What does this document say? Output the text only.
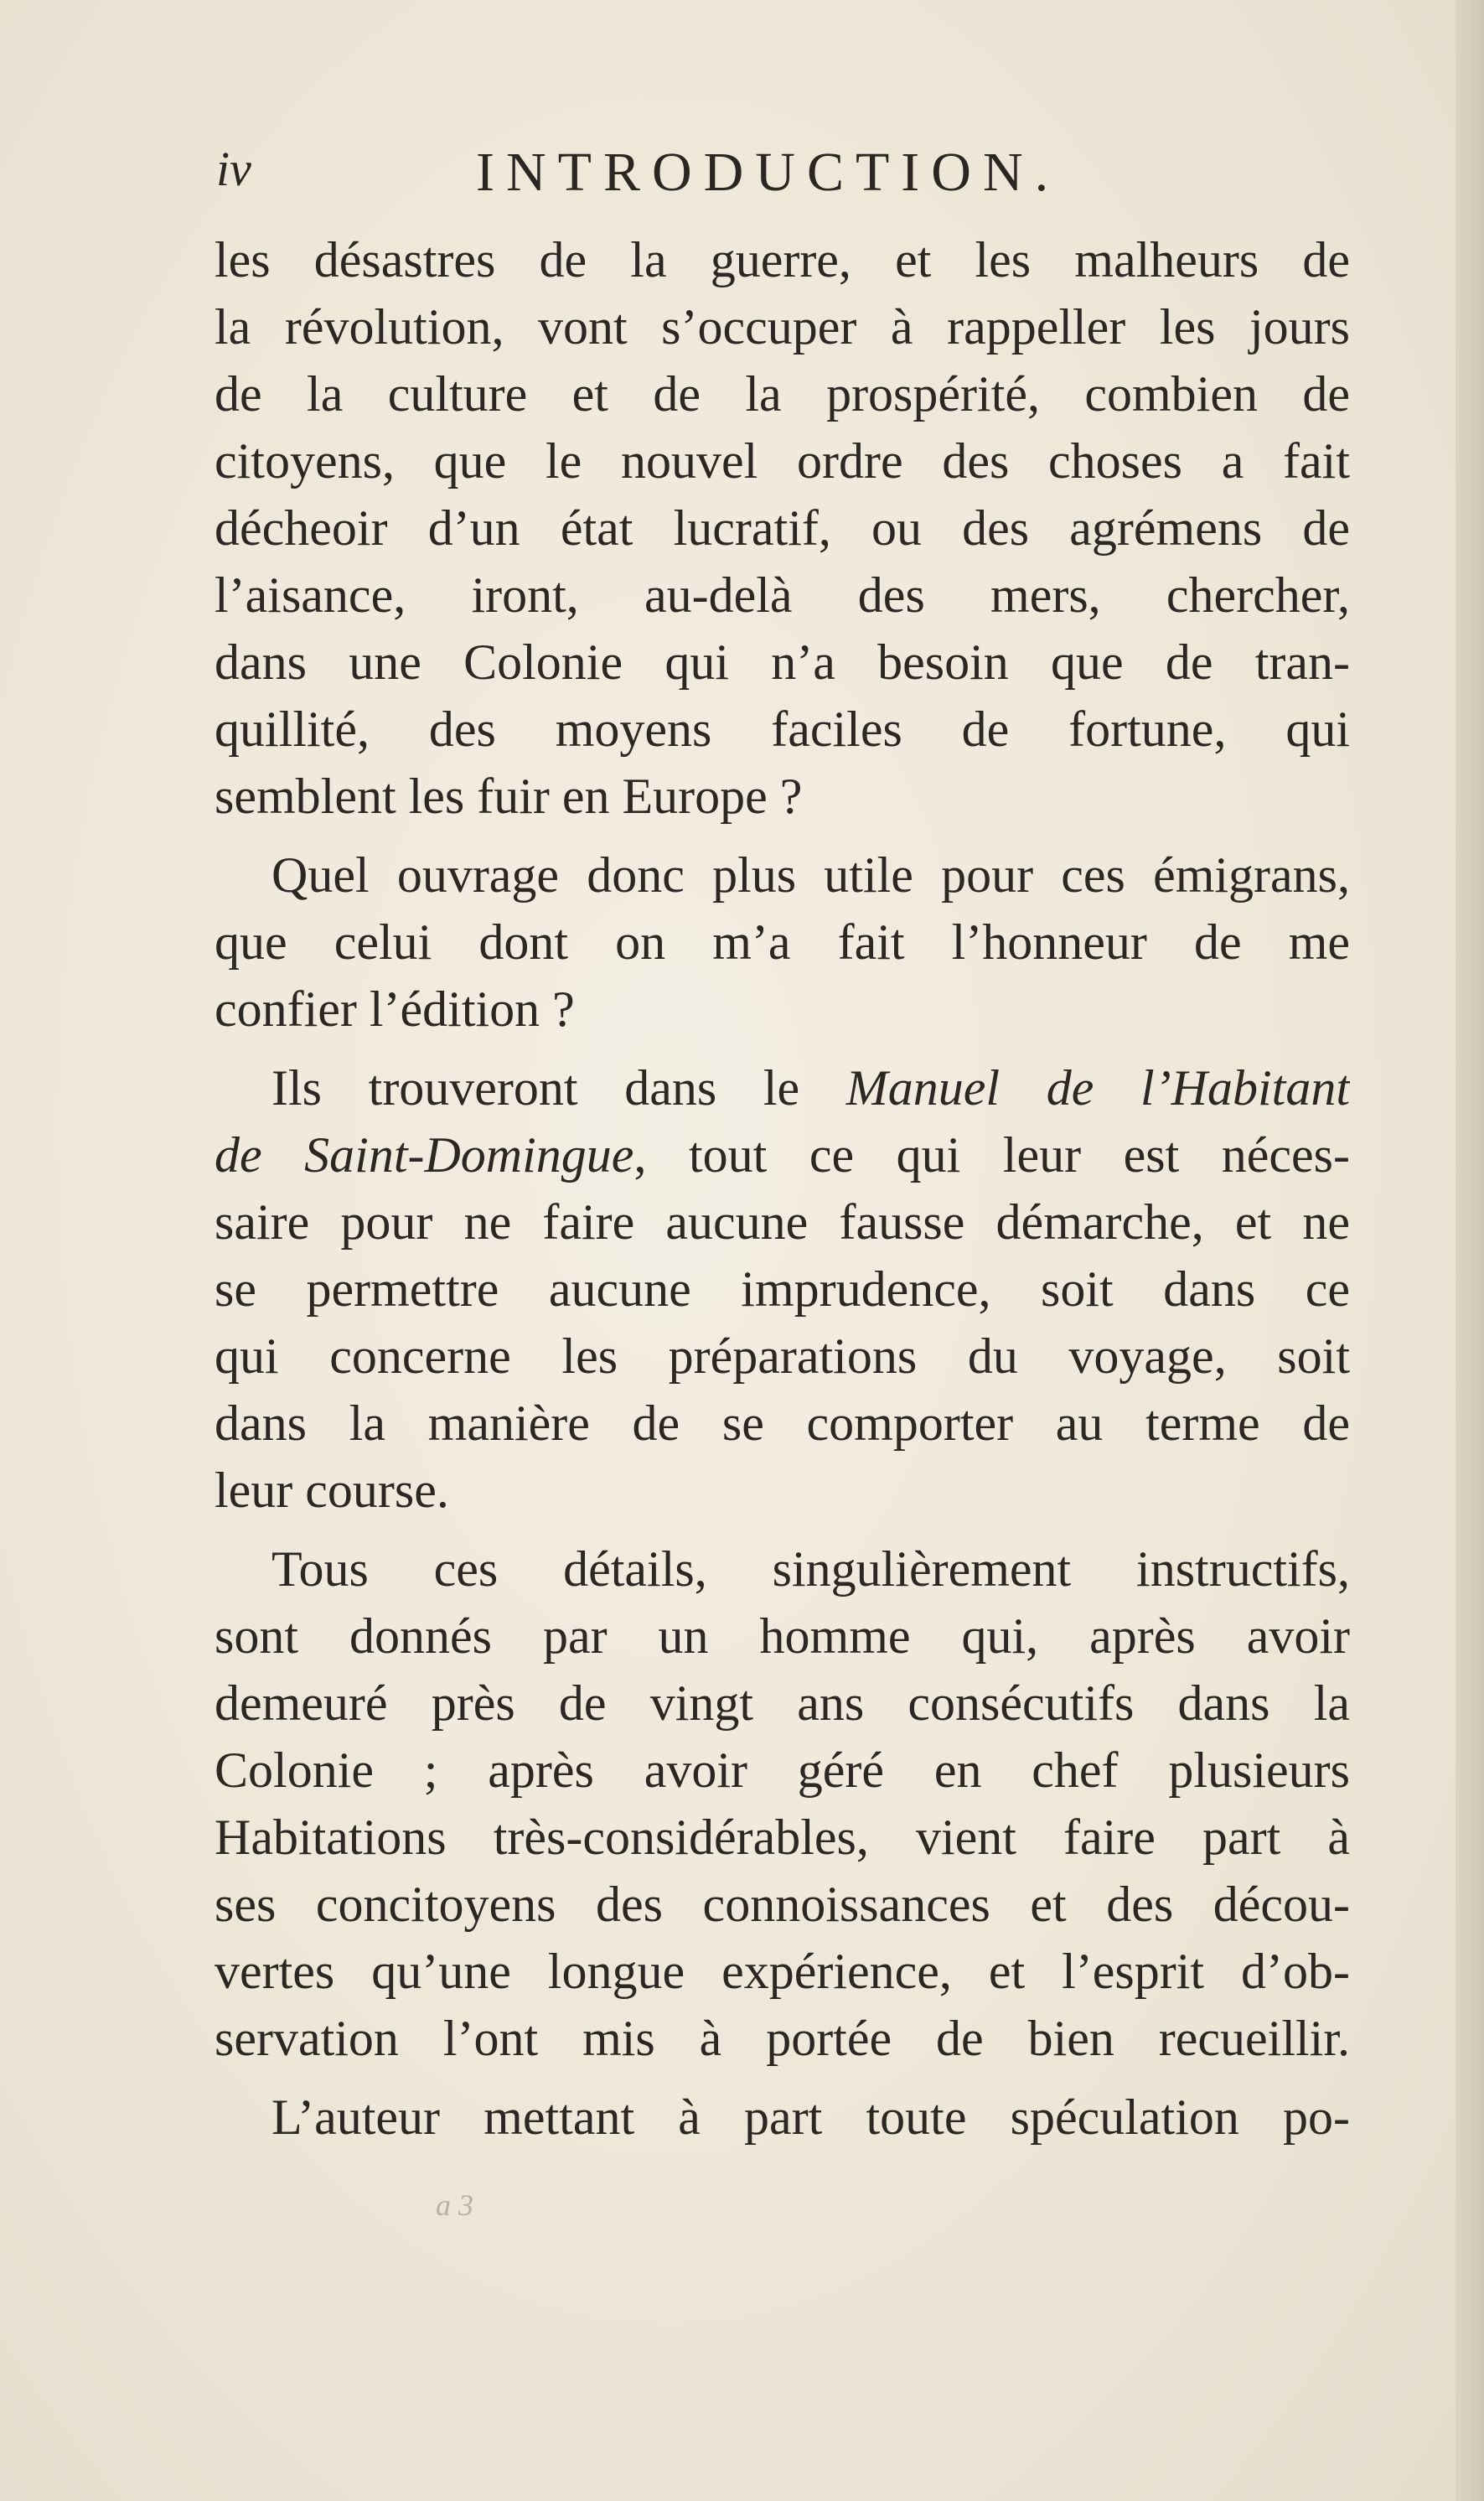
iv	INTRODUCTION.
les désastres de la guerre, et les malheurs de
la révolution, vont s’occuper à rappeller les jours
de la culture et de la prospérité, combien de
citoyens, que le nouvel ordre des choses a fait
décheoir d’un état lucratif, ou des agrémens de
l’aisance, iront, au-delà des mers, chercher,
dans une Colonie qui n’a besoin que de tran-
quillité, des moyens faciles de fortune, qui
semblent les fuir en Europe ?
Quel ouvrage donc plus utile pour ces émigrans,
que celui dont on m’a fait l’honneur de me
confier l’édition ?
Ils trouveront dans le Manuel de l’Habitant
de Saint-Domingue, tout ce qui leur est néces-
saire pour ne faire aucune fausse démarche, et ne
se permettre aucune imprudence, soit dans ce
qui concerne les préparations du voyage, soit
dans la manière de se comporter au terme de
leur course.
Tous ces détails, singulièrement instructifs,
sont donnés par un homme qui, après avoir
demeuré près de vingt ans consécutifs dans la
Colonie ; après avoir géré en chef plusieurs
Habitations très-considérables, vient faire part à
ses concitoyens des connoissances et des décou-
vertes qu’une longue expérience, et l’esprit d’ob-
servation l’ont mis à portée de bien recueillir.
L’auteur mettant à part toute spéculation po-
a 3
